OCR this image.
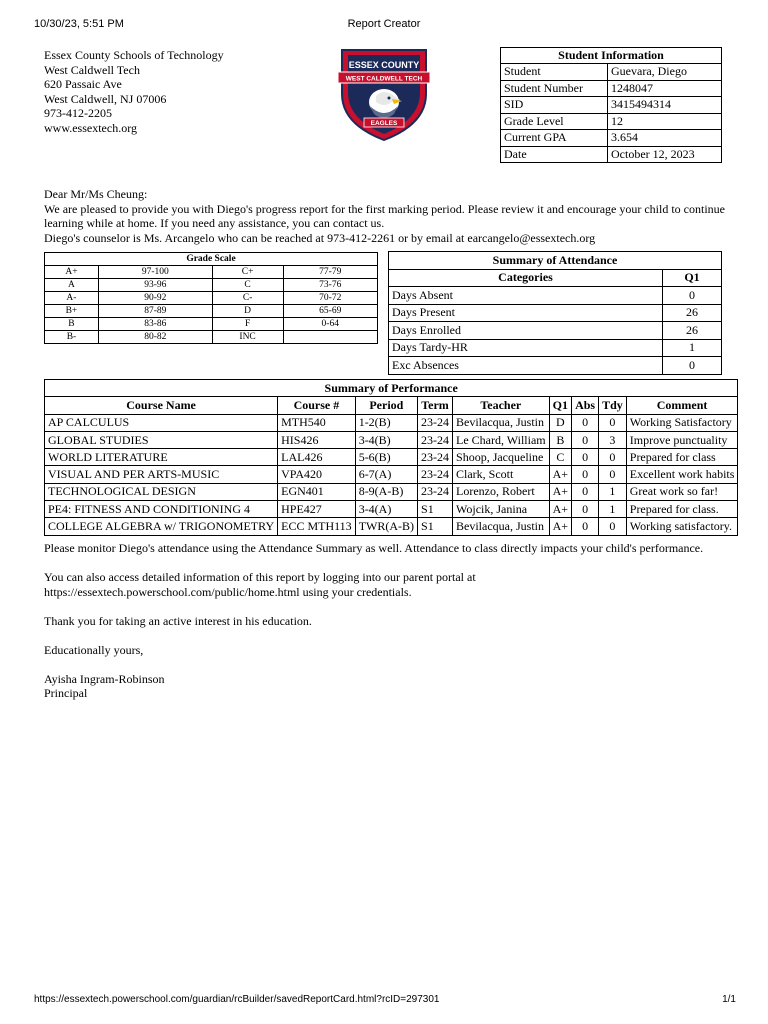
10/30/23, 5:51 PM	Report Creator
Essex County Schools of Technology
West Caldwell Tech
620 Passaic Ave
West Caldwell, NJ 07006
973-412-2205
www.essextech.org
ESSEX COUNTY
WEST CALDWELL TECH
EAGLES
Student Information	
Student	Guevara, Diego
Student Number	1248047
SID	3415494314
Grade Level	12
Current GPA	3.654
Date	October 12, 2023
Dear Mr/Ms Cheung:
We are pleased to provide you with Diego's progress report for the first marking period. Please review it and encourage your child to continue learning while at home. If you need any assistance, you can contact us.
Diego's counselor is Ms. Arcangelo who can be reached at 973-412-2261 or by email at earcangelo@essextech.org
Grade Scale			
A+	97-100	C+	77-79
A	93-96	C	73-76
A-	90-92	C-	70-72
B+	87-89	D	65-69
B	83-86	F	0-64
B-	80-82	INC	
Summary of Attendance	
Categories	Q1
Days Absent	0
Days Present	26
Days Enrolled	26
Days Tardy-HR	1
Exc Absences	0
Summary of Performance								
Course Name	Course #	Period	Term	Teacher	Q1	Abs	Tdy	Comment
AP CALCULUS	MTH540	1-2(B)	23-24	Bevilacqua, Justin	D	0	0	Working Satisfactory
GLOBAL STUDIES	HIS426	3-4(B)	23-24	Le Chard, William	B	0	3	Improve punctuality
WORLD LITERATURE	LAL426	5-6(B)	23-24	Shoop, Jacqueline	C	0	0	Prepared for class
VISUAL AND PER ARTS-MUSIC	VPA420	6-7(A)	23-24	Clark, Scott	A+	0	0	Excellent work habits
TECHNOLOGICAL DESIGN	EGN401	8-9(A-B)	23-24	Lorenzo, Robert	A+	0	1	Great work so far!
PE4: FITNESS AND CONDITIONING 4	HPE427	3-4(A)	S1	Wojcik, Janina	A+	0	1	Prepared for class.
COLLEGE ALGEBRA w/ TRIGONOMETRY	ECC MTH113	TWR(A-B)	S1	Bevilacqua, Justin	A+	0	0	Working satisfactory.

Please monitor Diego's attendance using the Attendance Summary as well. Attendance to class directly impacts your child's performance.

You can also access detailed information of this report by logging into our parent portal at https://essextech.powerschool.com/public/home.html using your credentials.

Thank you for taking an active interest in his education.

Educationally yours,

Ayisha Ingram-Robinson
Principal
https://essextech.powerschool.com/guardian/rcBuilder/savedReportCard.html?rcID=297301	1/1
